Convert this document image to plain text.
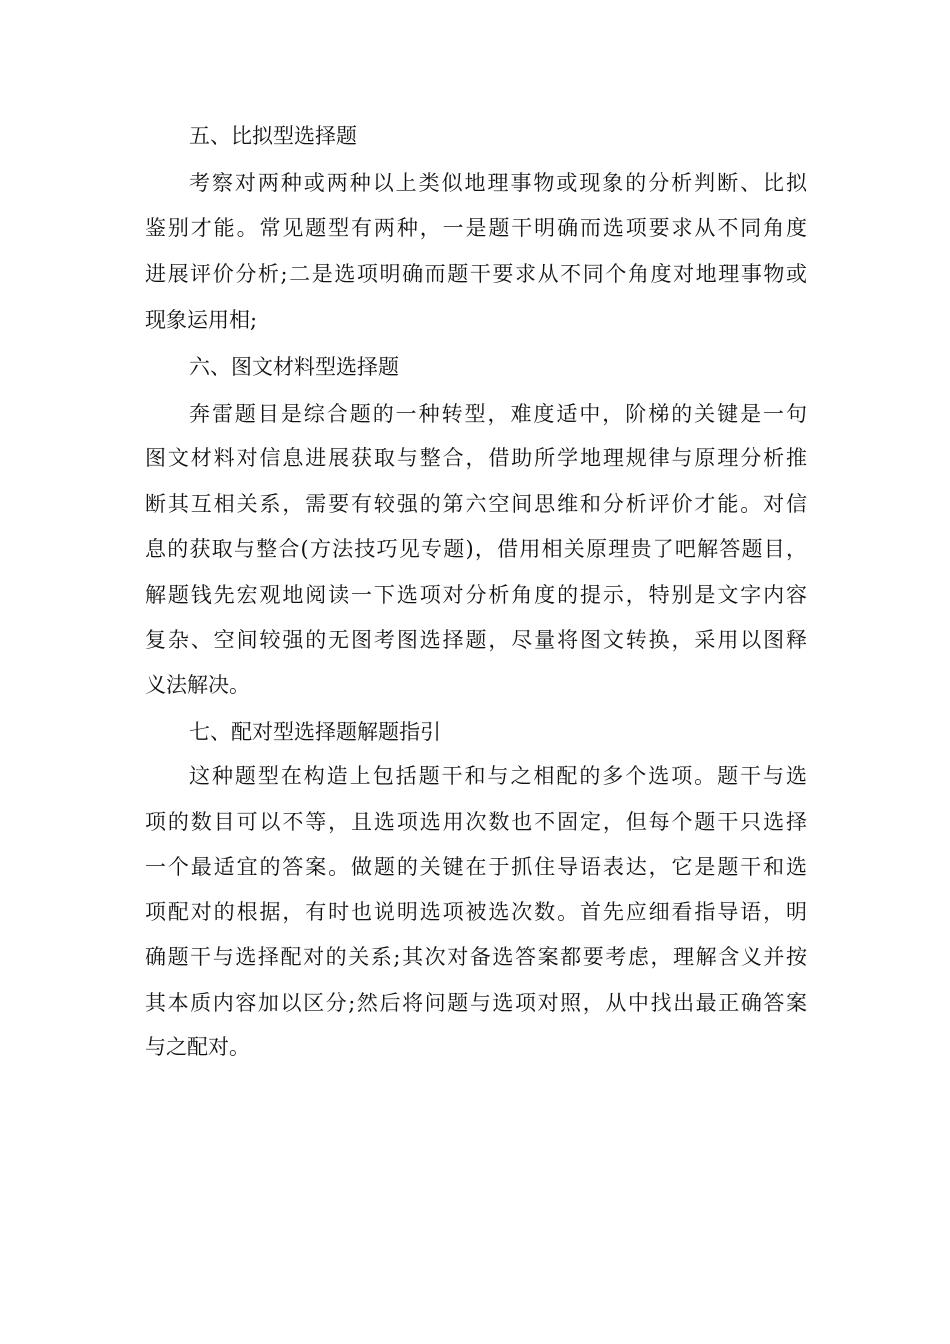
五、比拟型选择题
考察对两种或两种以上类似地理事物或现象的分析判断、比拟
鉴别才能。常见题型有两种，一是题干明确而选项要求从不同角度
进展评价分析;二是选项明确而题干要求从不同个角度对地理事物或
现象运用相;
六、图文材料型选择题
奔雷题目是综合题的一种转型，难度适中，阶梯的关键是一句
图文材料对信息进展获取与整合，借助所学地理规律与原理分析推
断其互相关系，需要有较强的第六空间思维和分析评价才能。对信
息的获取与整合(方法技巧见专题)，借用相关原理贵了吧解答题目，
解题钱先宏观地阅读一下选项对分析角度的提示，特别是文字内容
复杂、空间较强的无图考图选择题，尽量将图文转换，采用以图释
义法解决。
七、配对型选择题解题指引
这种题型在构造上包括题干和与之相配的多个选项。题干与选
项的数目可以不等，且选项选用次数也不固定，但每个题干只选择
一个最适宜的答案。做题的关键在于抓住导语表达，它是题干和选
项配对的根据，有时也说明选项被选次数。首先应细看指导语，明
确题干与选择配对的关系;其次对备选答案都要考虑，理解含义并按
其本质内容加以区分;然后将问题与选项对照，从中找出最正确答案
与之配对。
